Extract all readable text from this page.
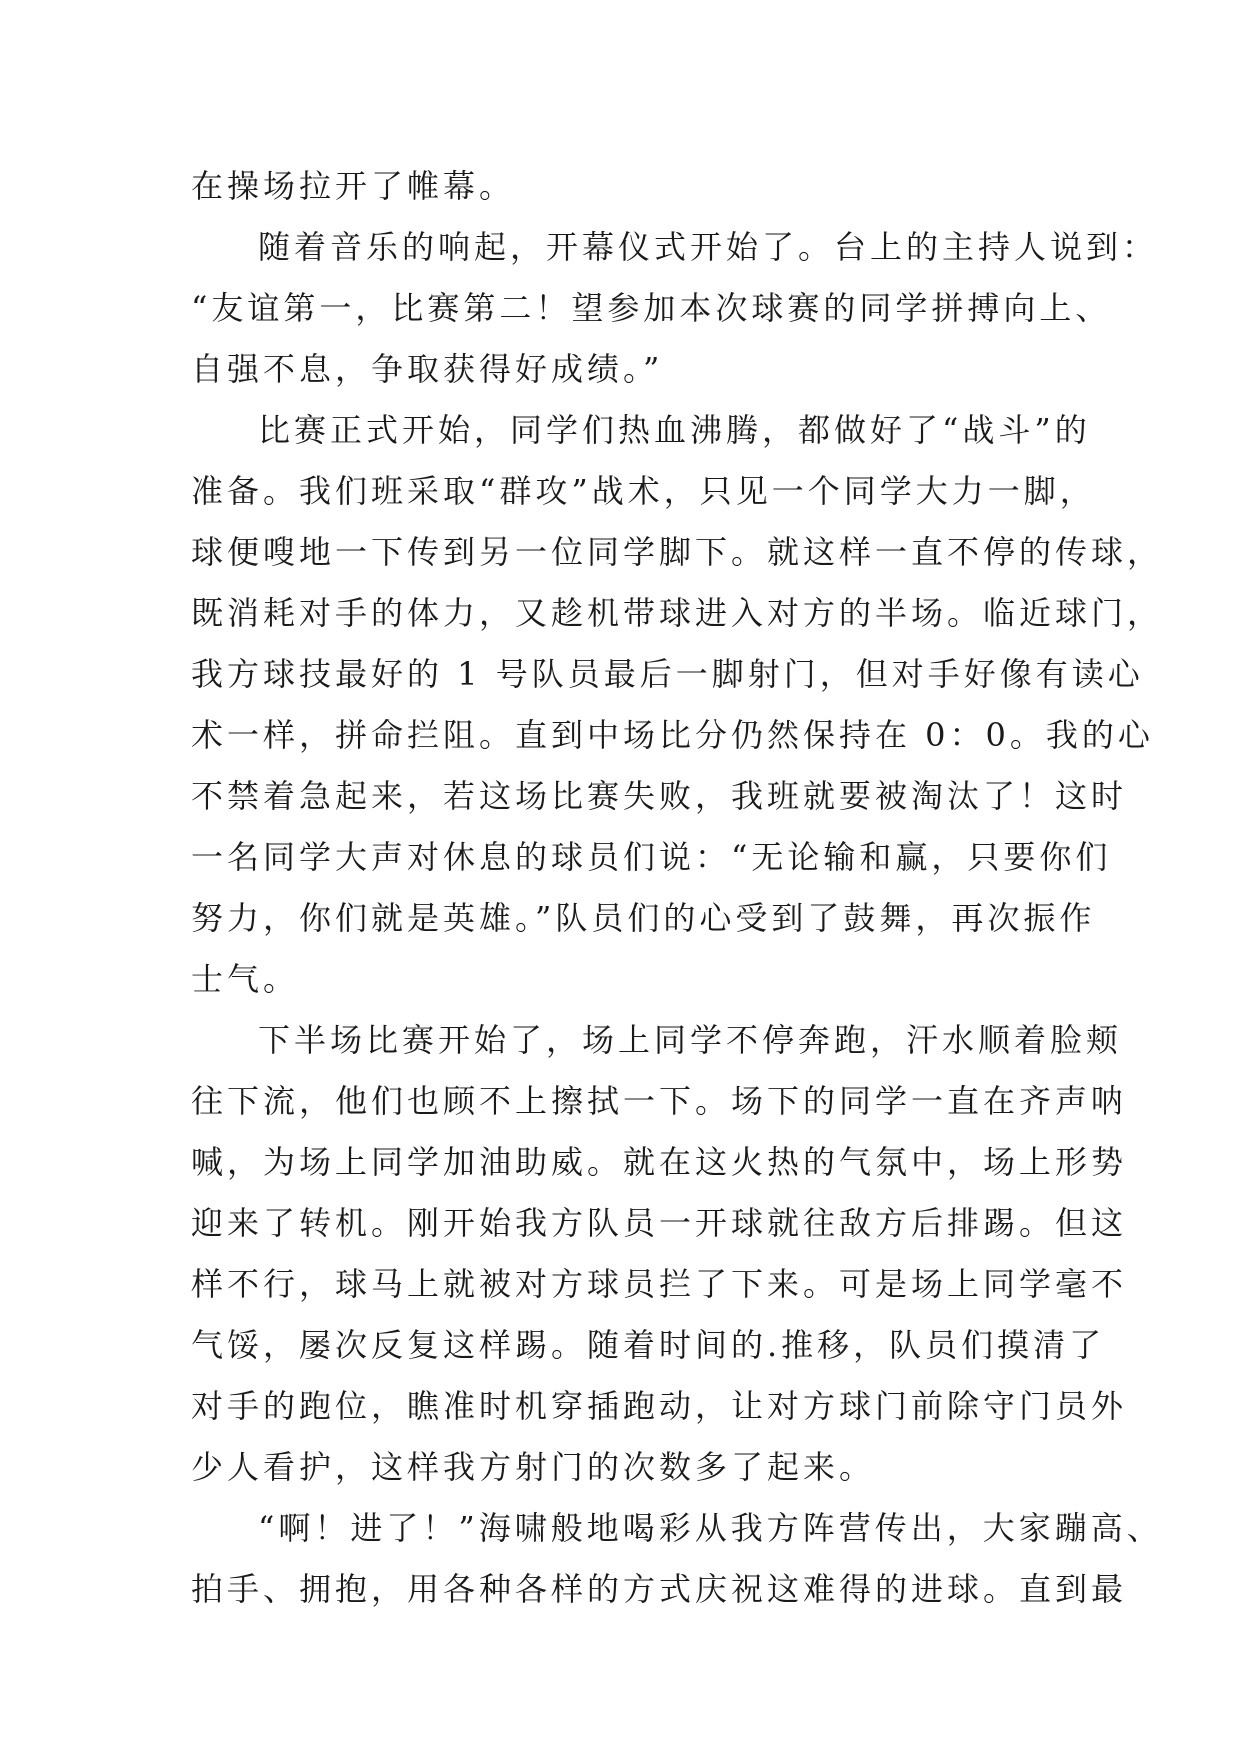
在操场拉开了帷幕。
随着音乐的响起，开幕仪式开始了。台上的主持人说到：
“友谊第一，比赛第二！望参加本次球赛的同学拼搏向上、
自强不息，争取获得好成绩。”
比赛正式开始，同学们热血沸腾，都做好了“战斗”的
准备。我们班采取“群攻”战术，只见一个同学大力一脚，
球便嗖地一下传到另一位同学脚下。就这样一直不停的传球，
既消耗对手的体力，又趁机带球进入对方的半场。临近球门，
我方球技最好的 1 号队员最后一脚射门，但对手好像有读心
术一样，拼命拦阻。直到中场比分仍然保持在 0：0。我的心
不禁着急起来，若这场比赛失败，我班就要被淘汰了！这时
一名同学大声对休息的球员们说：“无论输和赢，只要你们
努力，你们就是英雄。”队员们的心受到了鼓舞，再次振作
士气。
下半场比赛开始了，场上同学不停奔跑，汗水顺着脸颊
往下流，他们也顾不上擦拭一下。场下的同学一直在齐声呐
喊，为场上同学加油助威。就在这火热的气氛中，场上形势
迎来了转机。刚开始我方队员一开球就往敌方后排踢。但这
样不行，球马上就被对方球员拦了下来。可是场上同学毫不
气馁，屡次反复这样踢。随着时间的.推移，队员们摸清了
对手的跑位，瞧准时机穿插跑动，让对方球门前除守门员外
少人看护，这样我方射门的次数多了起来。
“啊！进了！”海啸般地喝彩从我方阵营传出，大家蹦高、
拍手、拥抱，用各种各样的方式庆祝这难得的进球。直到最
